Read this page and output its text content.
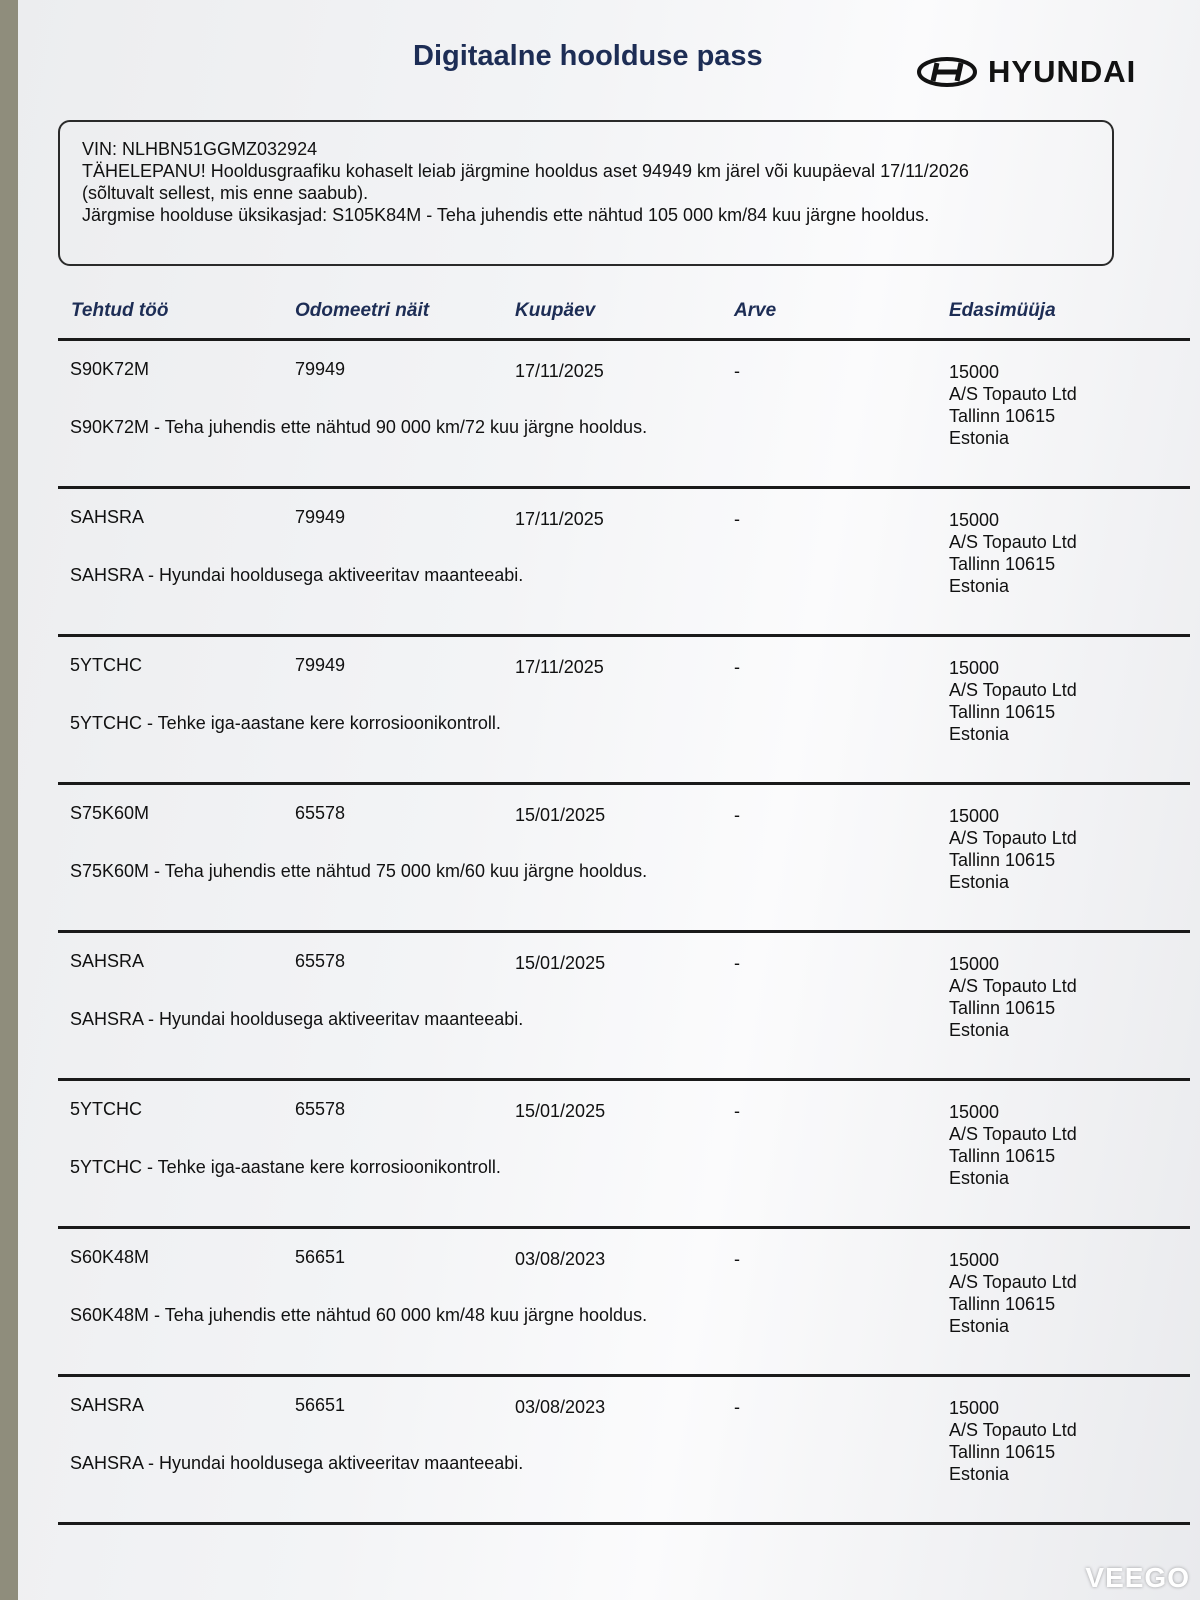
Digitaalne hoolduse pass	HYUNDAI
VIN: NLHBN51GGMZ032924
TÄHELEPANU! Hooldusgraafiku kohaselt leiab järgmine hooldus aset 94949 km järel või kuupäeval 17/11/2026
(sõltuvalt sellest, mis enne saabub).
Järgmise hoolduse üksikasjad: S105K84M - Teha juhendis ette nähtud 105 000 km/84 kuu järgne hooldus.
Tehtud töö	Odomeetri näit	Kuupäev	Arve	Edasimüüja
S90K72M	79949	17/11/2025	-	15000
A/S Topauto Ltd
Tallinn 10615
Estonia
S90K72M - Teha juhendis ette nähtud 90 000 km/72 kuu järgne hooldus.
SAHSRA	79949	17/11/2025	-	15000
A/S Topauto Ltd
Tallinn 10615
Estonia
SAHSRA - Hyundai hooldusega aktiveeritav maanteeabi.
5YTCHC	79949	17/11/2025	-	15000
A/S Topauto Ltd
Tallinn 10615
Estonia
5YTCHC - Tehke iga-aastane kere korrosioonikontroll.
S75K60M	65578	15/01/2025	-	15000
A/S Topauto Ltd
Tallinn 10615
Estonia
S75K60M - Teha juhendis ette nähtud 75 000 km/60 kuu järgne hooldus.
SAHSRA	65578	15/01/2025	-	15000
A/S Topauto Ltd
Tallinn 10615
Estonia
SAHSRA - Hyundai hooldusega aktiveeritav maanteeabi.
5YTCHC	65578	15/01/2025	-	15000
A/S Topauto Ltd
Tallinn 10615
Estonia
5YTCHC - Tehke iga-aastane kere korrosioonikontroll.
S60K48M	56651	03/08/2023	-	15000
A/S Topauto Ltd
Tallinn 10615
Estonia
S60K48M - Teha juhendis ette nähtud 60 000 km/48 kuu järgne hooldus.
SAHSRA	56651	03/08/2023	-	15000
A/S Topauto Ltd
Tallinn 10615
Estonia
SAHSRA - Hyundai hooldusega aktiveeritav maanteeabi.
VEEGO
